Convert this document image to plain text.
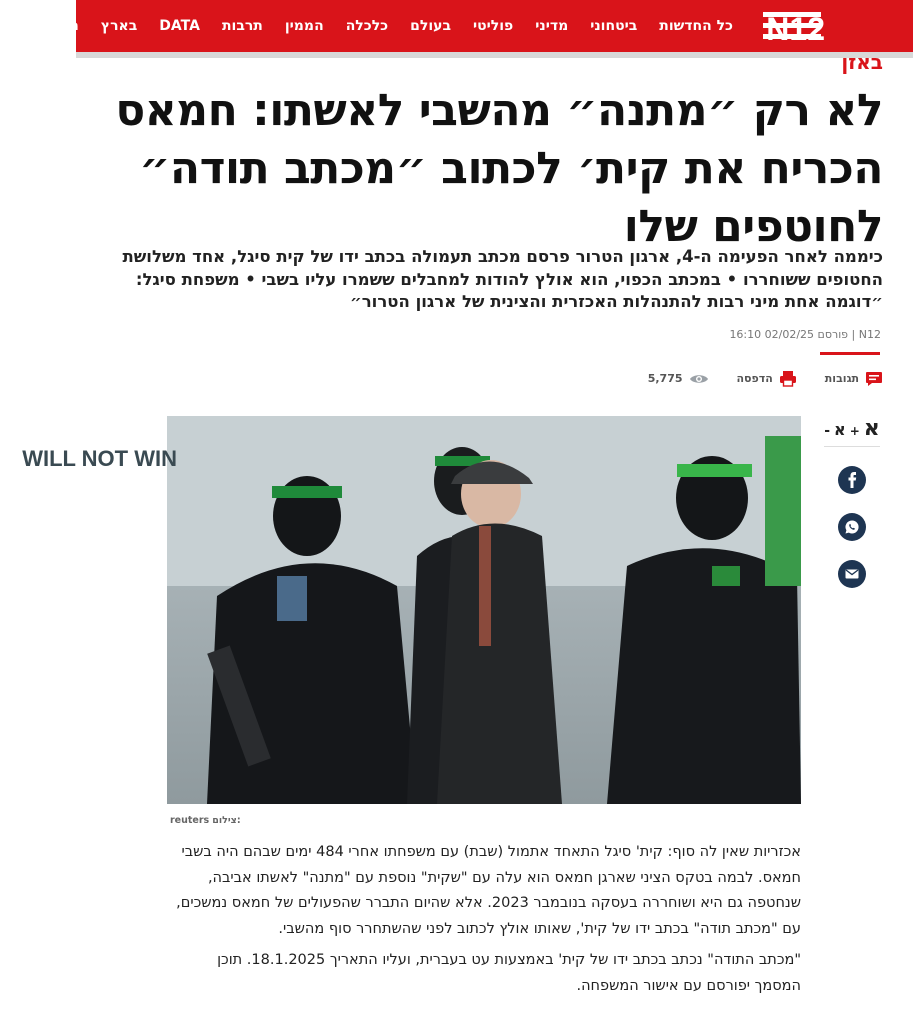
N12
כל החדשות
ביטחוני
מדיני
פוליטי
בעולם
כלכלה
הממין
תרבות
DATA
בארץ
תוכניות
ס
באזן
לא רק ״מתנה״ מהשבי לאשתו: חמאס הכריח את קית׳ לכתוב ״מכתב תודה״ לחוטפים שלו
כיממה לאחר הפעימה ה-4, ארגון הטרור פרסם מכתב תעמולה בכתב ידו של קית סיגל, אחד משלושת החטופים ששוחררו • במכתב הכפוי, הוא אולץ להודות למחבלים ששמרו עליו בשבי • משפחת סיגל: ״דוגמה אחת מיני רבות להתנהלות האכזרית והצינית של ארגון הטרור״
N12 | פורסם 02/02/25 16:10
תגובות
הדפסה
5,775
WILL NOT WIN
reuters צילום:
- א + א

אכזריות שאין לה סוף: קית' סיגל התאחד אתמול (שבת) עם משפחתו אחרי 484 ימים שבהם היה בשבי חמאס. לבמה בטקס הציני שארגן חמאס הוא עלה עם "שקית" נוספת עם "מתנה" לאשתו אביבה, שנחטפה גם היא ושוחררה בעסקה בנובמבר 2023. אלא שהיום התברר שהפעולים של חמאס נמשכים, עם "מכתב תודה" בכתב ידו של קית', שאותו אולץ לכתוב לפני שהשתחרר סוף מהשבי.

"מכתב התודה" נכתב בכתב ידו של קית' באמצעות עט בעברית, ועליו התאריך 18.1.2025. תוכן המסמך יפורסם עם אישור המשפחה.
